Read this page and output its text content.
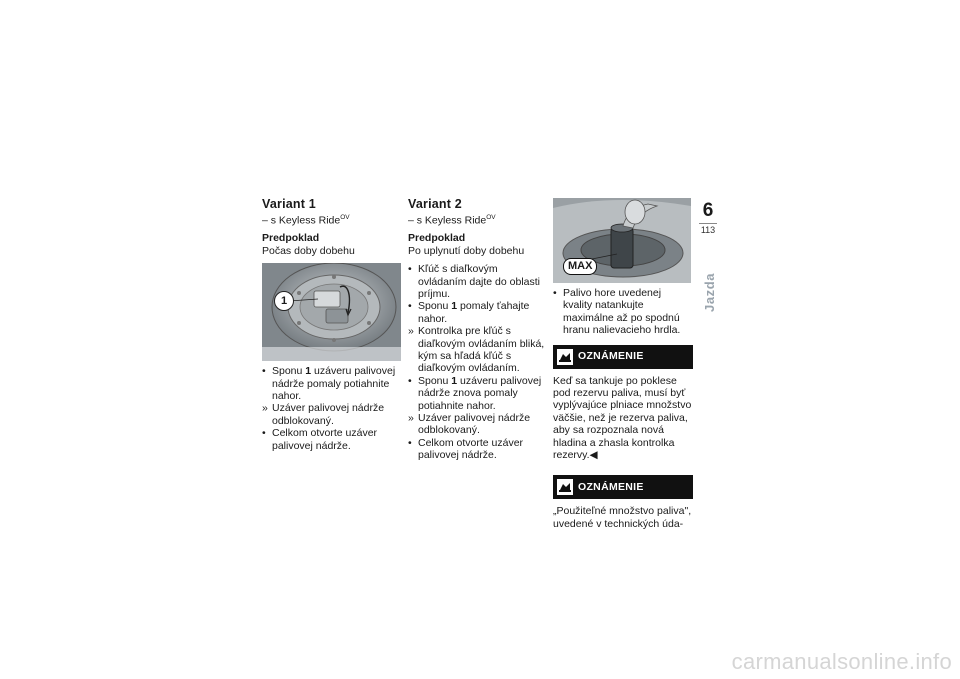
Variant 1

– s Keyless Ride$^{OV}$

Predpoklad

Počas doby dobehu

1
• Sponu 1 uzáveru palivovej nádrže pomaly potiahnite nahor.
» Uzáver palivovej nádrže odblokovaný.
• Celkom otvorte uzáver palivovej nádrže.
Variant 2

– s Keyless Ride$^{OV}$

Predpoklad

Po uplynutí doby dobehu

• Kľúč s diaľkovým ovládaním dajte do oblasti príjmu.
• Sponu 1 pomaly ťahajte nahor.
» Kontrolka pre kľúč s diaľkovým ovládaním bliká, kým sa hľadá kľúč s diaľkovým ovládaním.
• Sponu 1 uzáveru palivovej nádrže znova pomaly potiahnite nahor.
» Uzáver palivovej nádrže odblokovaný.
• Celkom otvorte uzáver palivovej nádrže.
MAX
• Palivo hore uvedenej kvality natankujte maximálne až po spodnú hranu nalievacieho hrdla.
OZNÁMENIE

Keď sa tankuje po poklese pod rezervu paliva, musí byť vyplývajúce plniace množstvo väčšie, než je rezerva paliva, aby sa rozpoznala nová hladina a zhasla kontrolka rezervy.◀

OZNÁMENIE

„Použiteľné množstvo paliva", uvedené v technických úda-

6
113
Jazda
carmanualsonline.info
